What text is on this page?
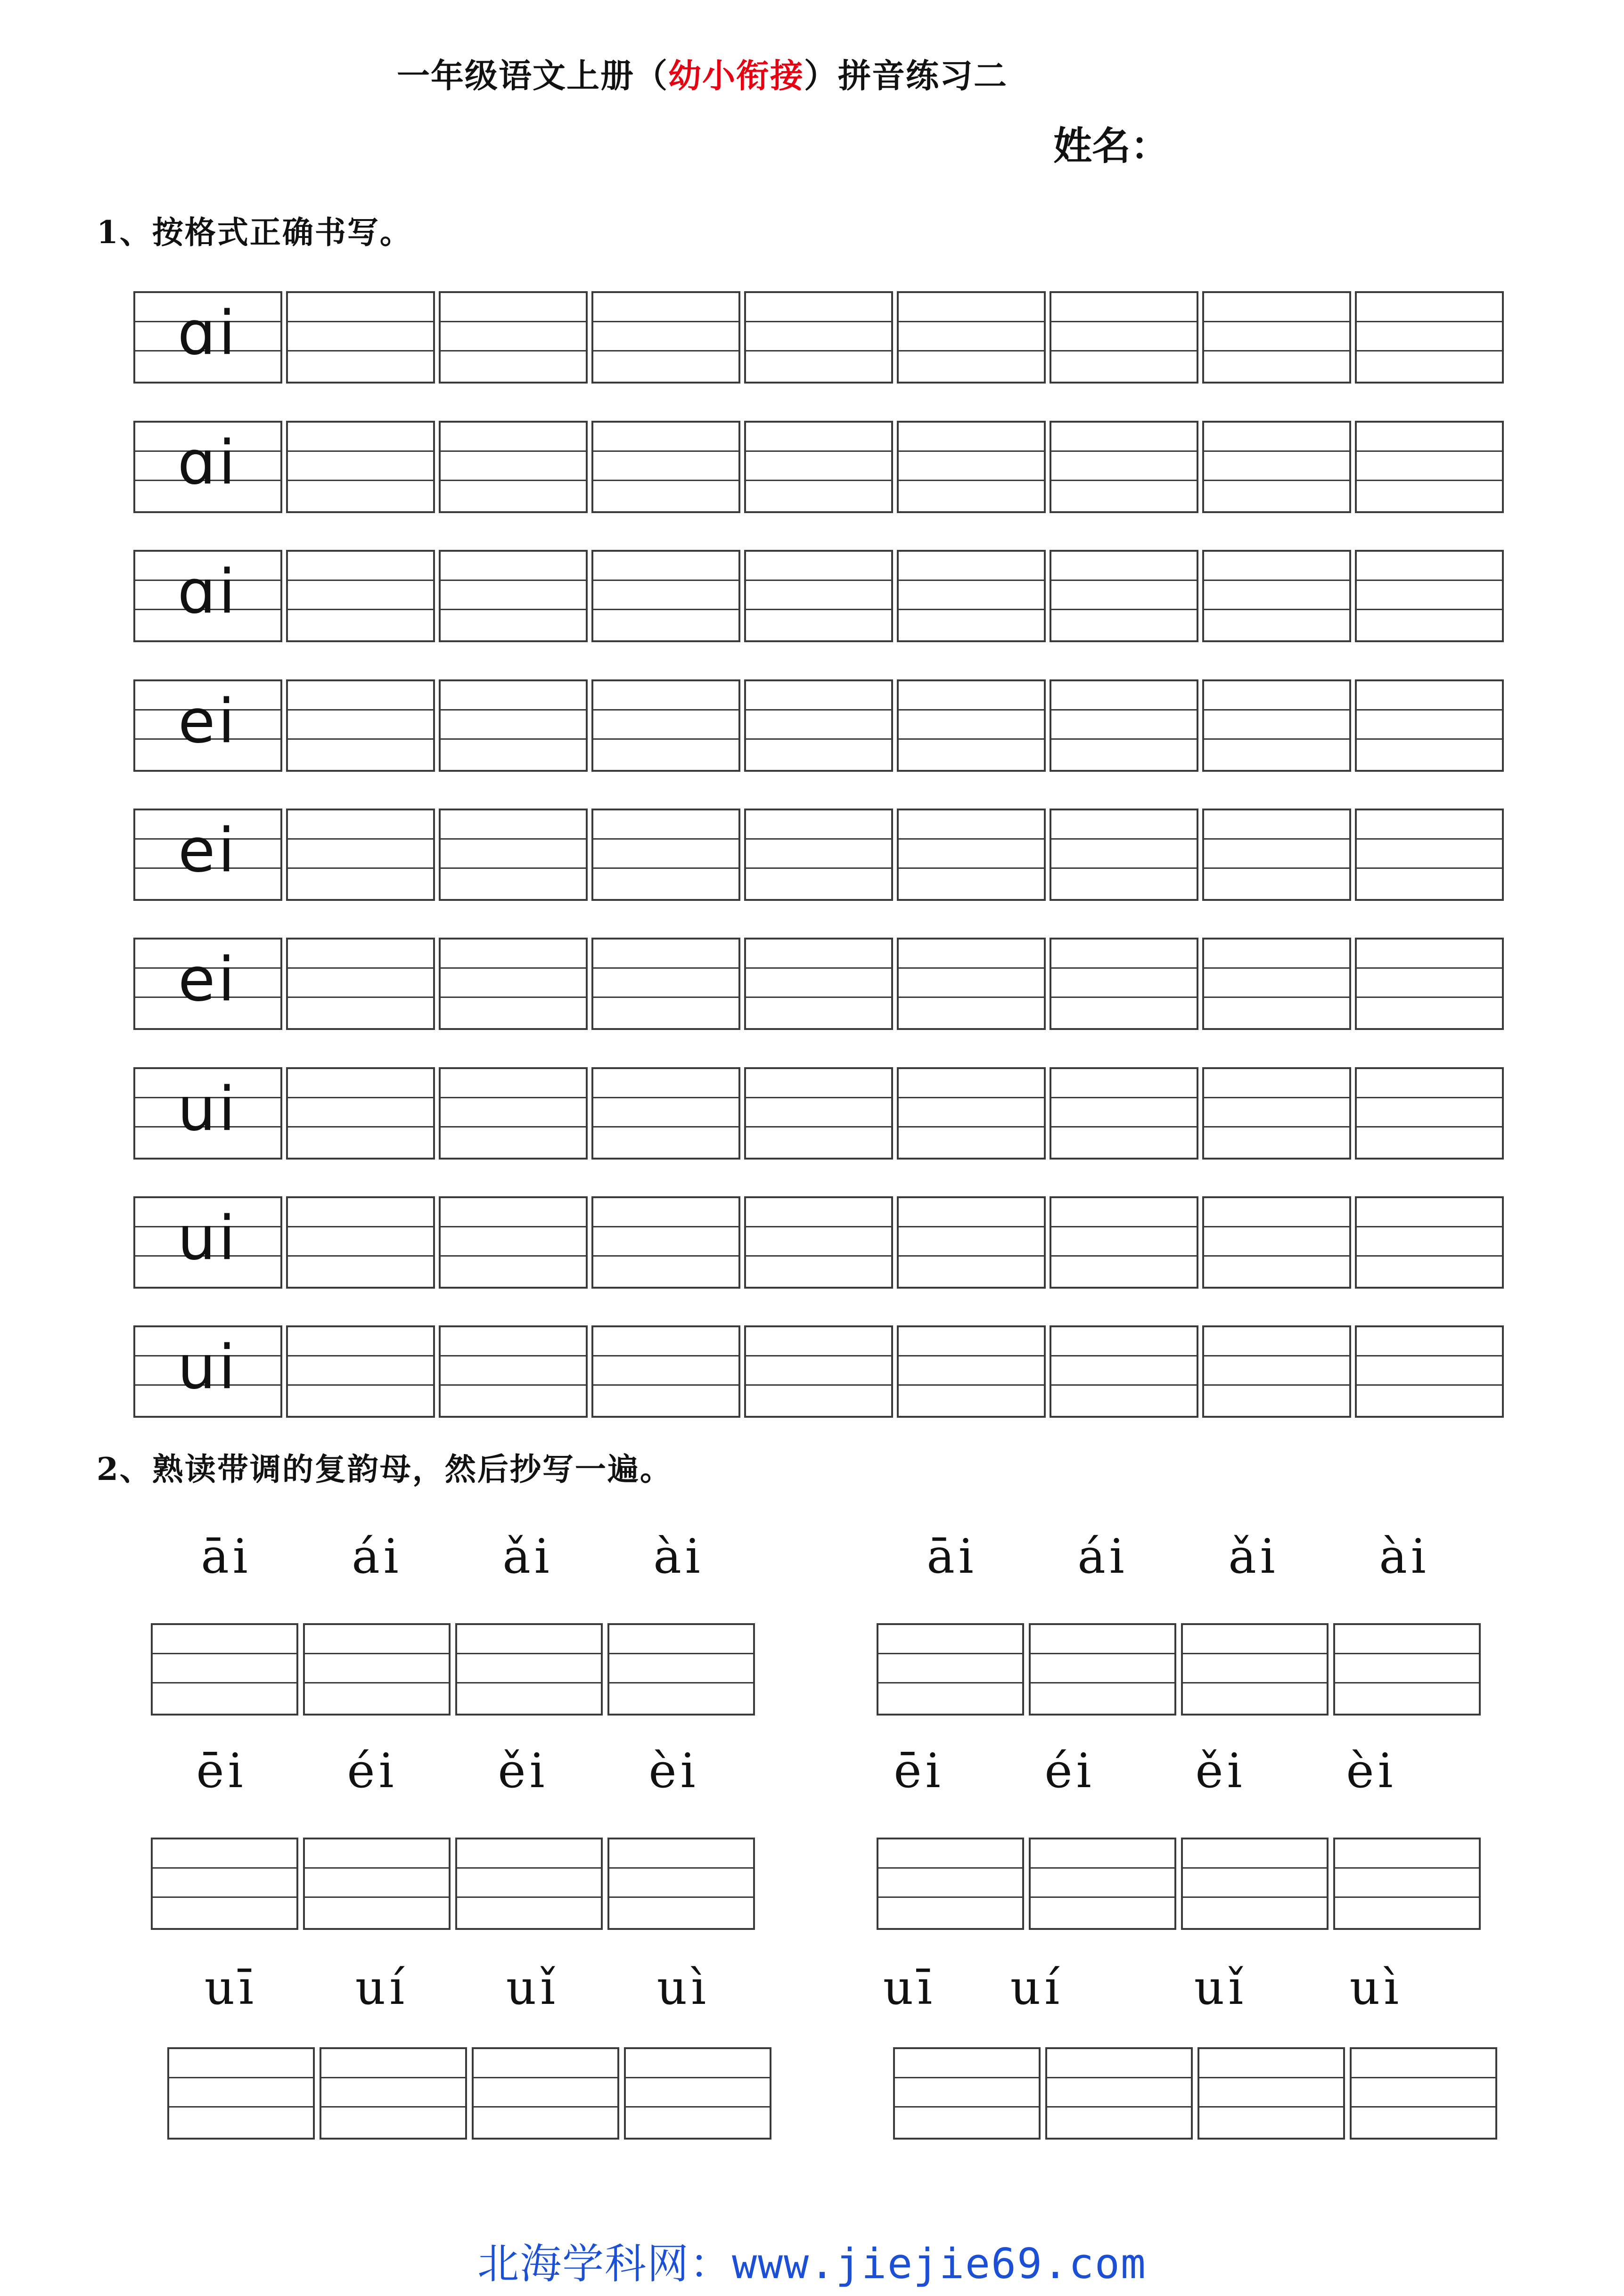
一年级语文上册（幼小衔接）拼音练习二
姓名：
1、按格式正确书写。
ɑi
ɑi
ɑi
ei
ei
ei
ui
ui
ui
2、熟读带调的复韵母，然后抄写一遍。
āi	ái	ǎi	ài	āi	ái	ǎi	ài
ēi	éi	ěi	èi	ēi	éi	ěi	èi
uī	uí	uǐ	uì	uī	uí	uǐ	uì
北海学科网：www.jiejie69.com
